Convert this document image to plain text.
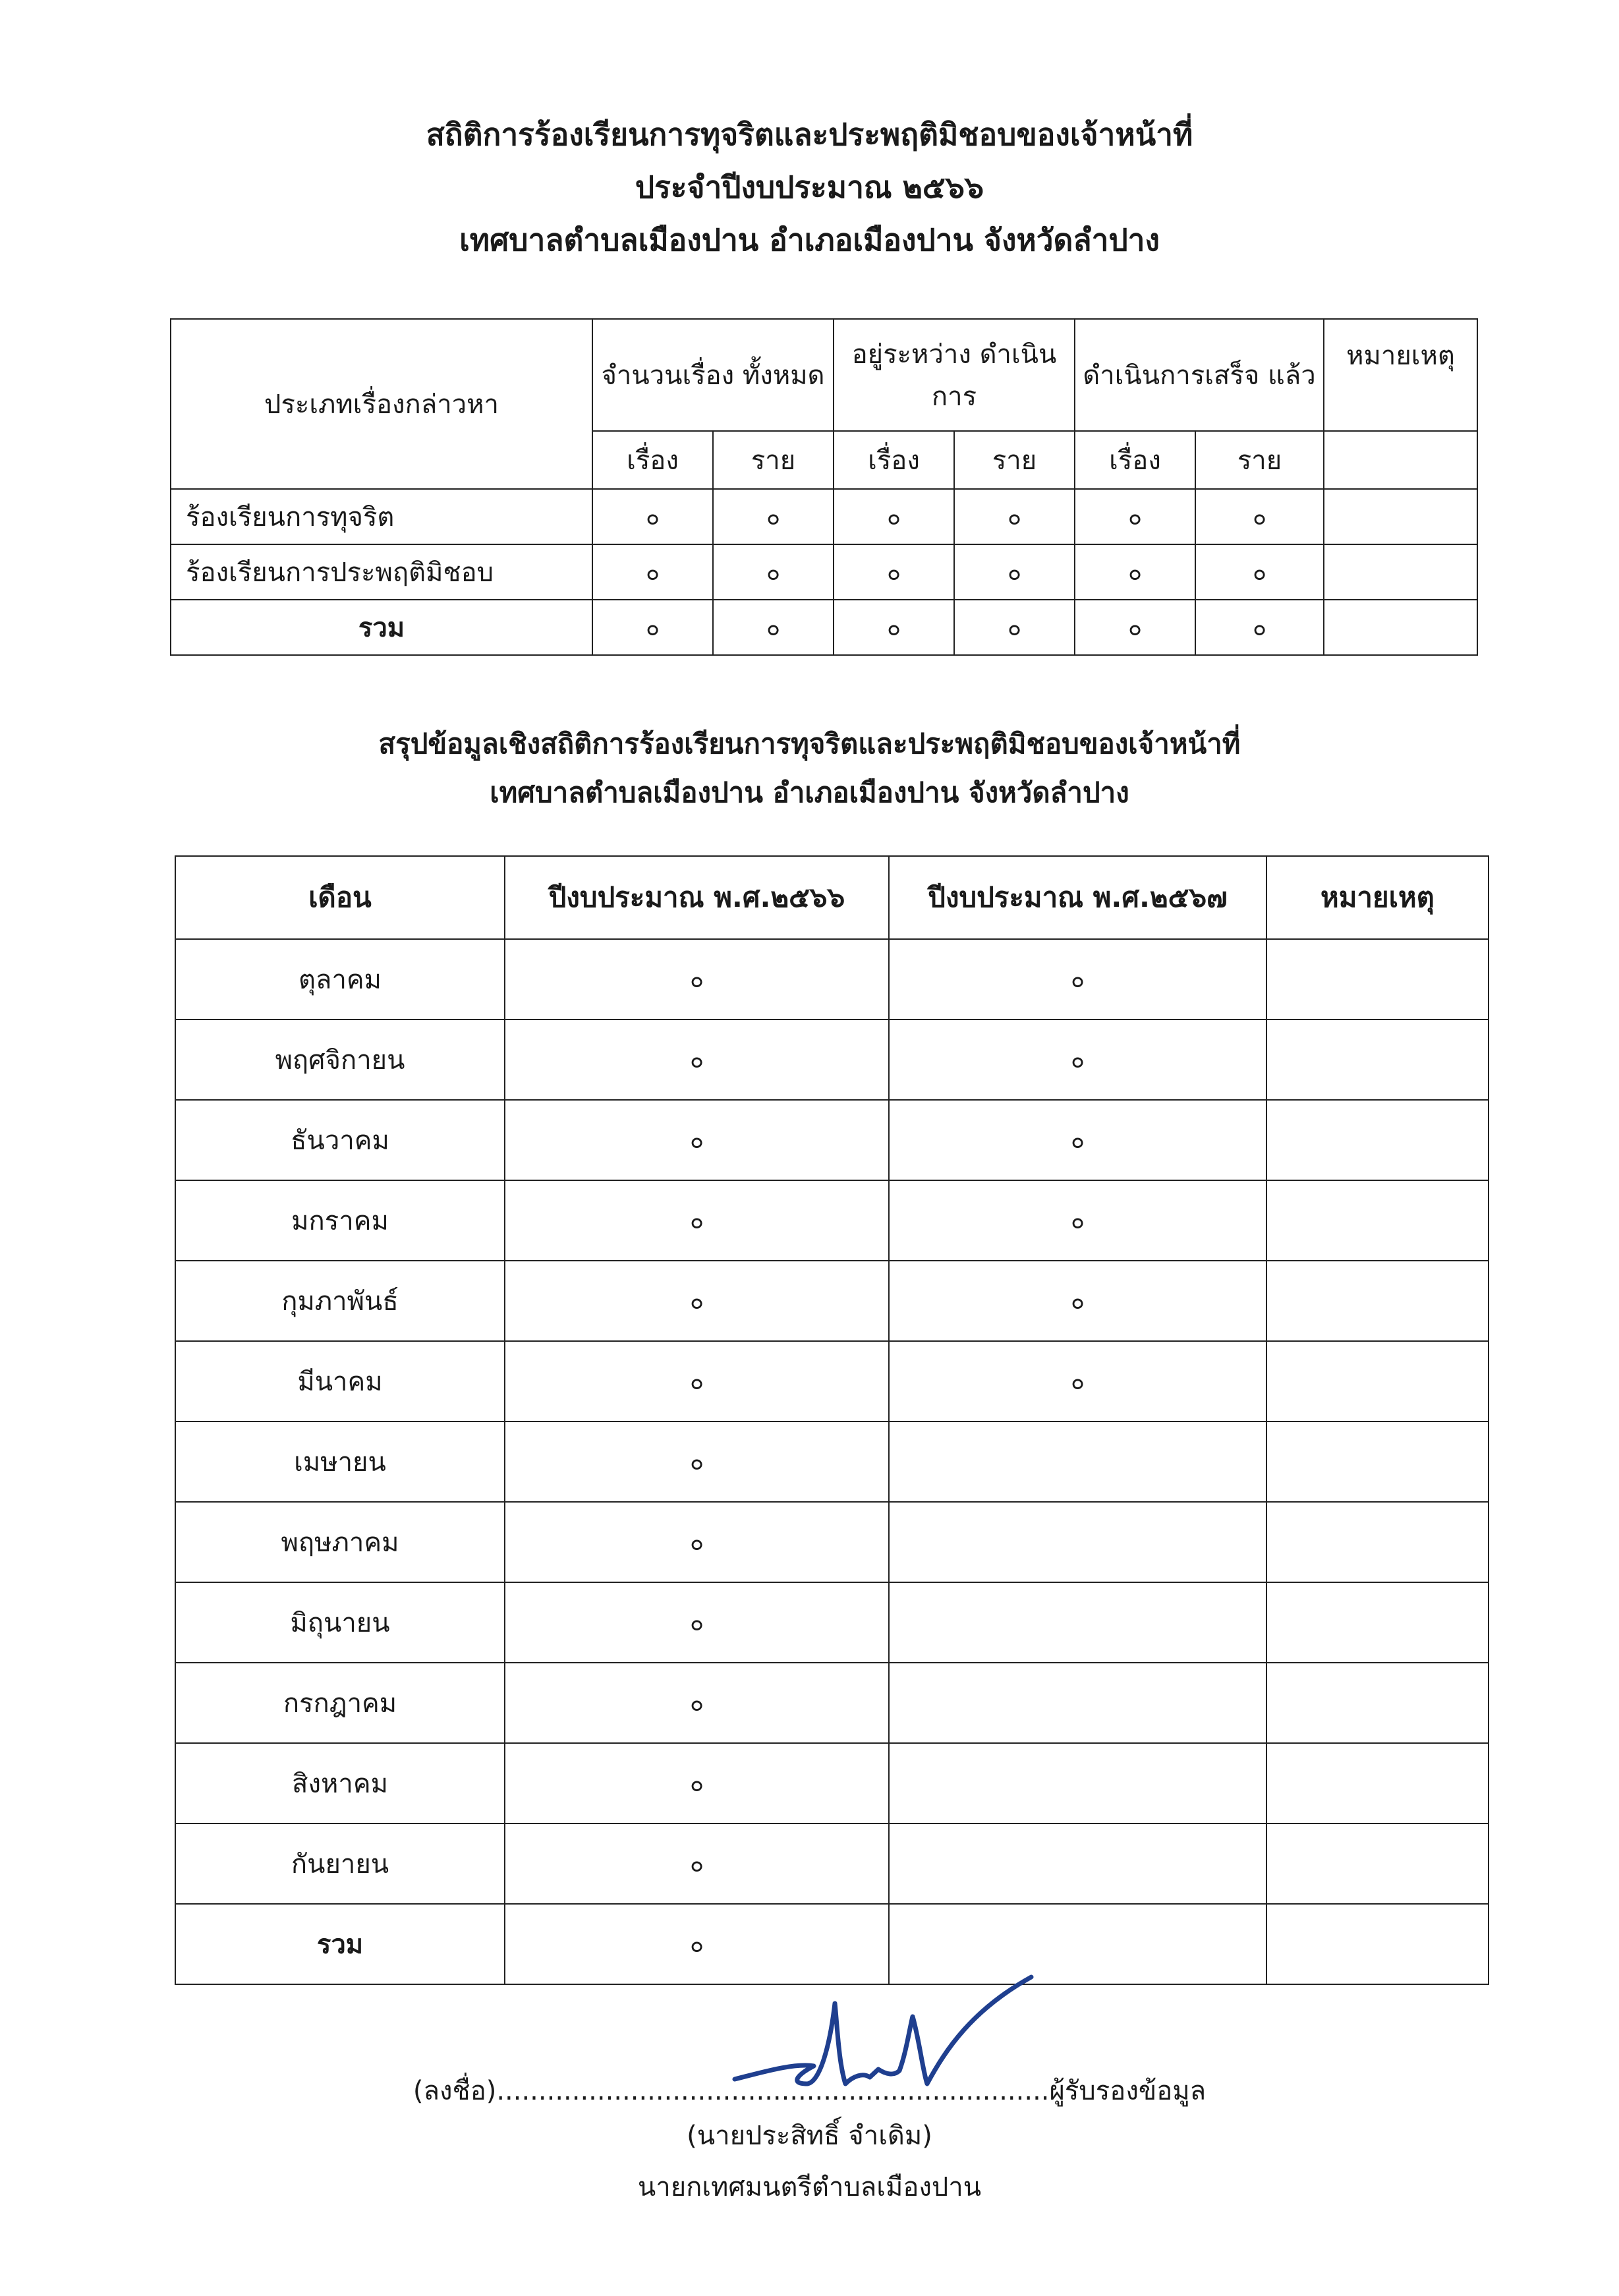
สถิติการร้องเรียนการทุจริตและประพฤติมิชอบของเจ้าหน้าที่
ประจำปีงบประมาณ ๒๕๖๖
เทศบาลตำบลเมืองปาน อำเภอเมืองปาน จังหวัดลำปาง
ประเภทเรื่องกล่าวหา	จำนวนเรื่อง ทั้งหมด		อยู่ระหว่าง ดำเนินการ		ดำเนินการเสร็จ แล้ว		หมายเหตุ
	เรื่อง	ราย	เรื่อง	ราย	เรื่อง	ราย	
ร้องเรียนการทุจริต	๐	๐	๐	๐	๐	๐	
ร้องเรียนการประพฤติมิชอบ	๐	๐	๐	๐	๐	๐	
รวม	๐	๐	๐	๐	๐	๐	
สรุปข้อมูลเชิงสถิติการร้องเรียนการทุจริตและประพฤติมิชอบของเจ้าหน้าที่
เทศบาลตำบลเมืองปาน อำเภอเมืองปาน จังหวัดลำปาง
เดือน	ปีงบประมาณ พ.ศ.๒๕๖๖	ปีงบประมาณ พ.ศ.๒๕๖๗	หมายเหตุ
ตุลาคม	๐	๐	
พฤศจิกายน	๐	๐	
ธันวาคม	๐	๐	
มกราคม	๐	๐	
กุมภาพันธ์	๐	๐	
มีนาคม	๐	๐	
เมษายน	๐		
พฤษภาคม	๐		
มิถุนายน	๐		
กรกฎาคม	๐		
สิงหาคม	๐		
กันยายน	๐		
รวม	๐		
(ลงชื่อ)..................................................................ผู้รับรองข้อมูล
(นายประสิทธิ์ จำเดิม)
นายกเทศมนตรีตำบลเมืองปาน
